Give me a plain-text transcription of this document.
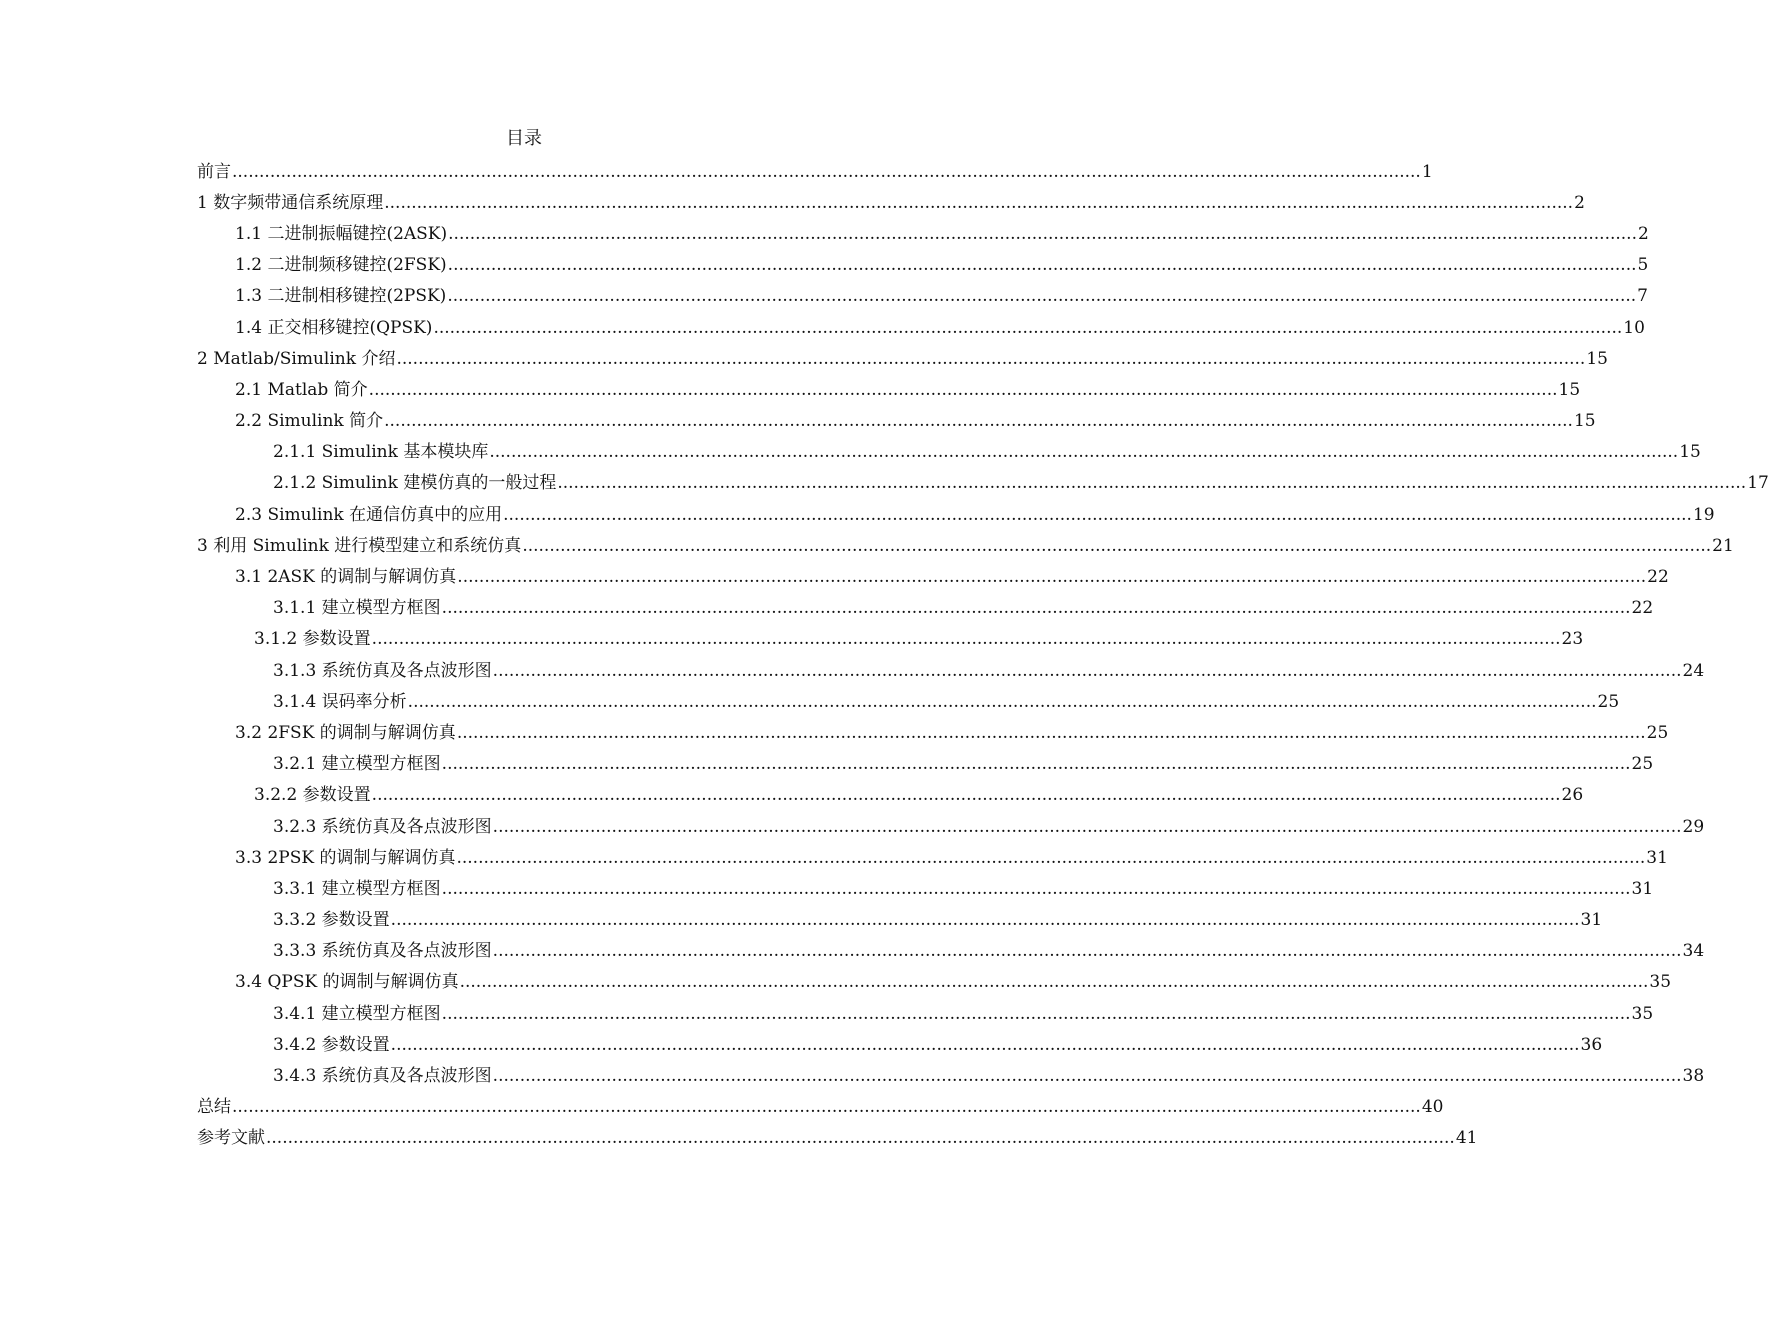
目录
前言 ............................................................................................................................................................................................................................ 1
1 数字频带通信系统原理 ............................................................................................................................................................................................................................ 2
1.1 二进制振幅键控(2ASK) ............................................................................................................................................................................................................................ 2
1.2 二进制频移键控(2FSK) ............................................................................................................................................................................................................................ 5
1.3 二进制相移键控(2PSK) ............................................................................................................................................................................................................................ 7
1.4 正交相移键控(QPSK) ............................................................................................................................................................................................................................ 10
2 Matlab/Simulink 介绍 ............................................................................................................................................................................................................................ 15
2.1 Matlab 简介 ............................................................................................................................................................................................................................ 15
2.2 Simulink 简介 ............................................................................................................................................................................................................................ 15
2.1.1 Simulink 基本模块库 ............................................................................................................................................................................................................................ 15
2.1.2 Simulink 建模仿真的一般过程 ............................................................................................................................................................................................................................ 17
2.3 Simulink 在通信仿真中的应用 ............................................................................................................................................................................................................................ 19
3 利用 Simulink 进行模型建立和系统仿真 ............................................................................................................................................................................................................................ 21
3.1 2ASK 的调制与解调仿真 ............................................................................................................................................................................................................................ 22
3.1.1 建立模型方框图 ............................................................................................................................................................................................................................ 22
3.1.2 参数设置 ............................................................................................................................................................................................................................ 23
3.1.3 系统仿真及各点波形图 ............................................................................................................................................................................................................................ 24
3.1.4 误码率分析 ............................................................................................................................................................................................................................ 25
3.2 2FSK 的调制与解调仿真 ............................................................................................................................................................................................................................ 25
3.2.1 建立模型方框图 ............................................................................................................................................................................................................................ 25
3.2.2 参数设置 ............................................................................................................................................................................................................................ 26
3.2.3 系统仿真及各点波形图 ............................................................................................................................................................................................................................ 29
3.3 2PSK 的调制与解调仿真 ............................................................................................................................................................................................................................ 31
3.3.1 建立模型方框图 ............................................................................................................................................................................................................................ 31
3.3.2 参数设置 ............................................................................................................................................................................................................................ 31
3.3.3 系统仿真及各点波形图 ............................................................................................................................................................................................................................ 34
3.4 QPSK 的调制与解调仿真 ............................................................................................................................................................................................................................ 35
3.4.1 建立模型方框图 ............................................................................................................................................................................................................................ 35
3.4.2 参数设置 ............................................................................................................................................................................................................................ 36
3.4.3 系统仿真及各点波形图 ............................................................................................................................................................................................................................ 38
总结 ............................................................................................................................................................................................................................ 40
参考文献 ............................................................................................................................................................................................................................ 41
